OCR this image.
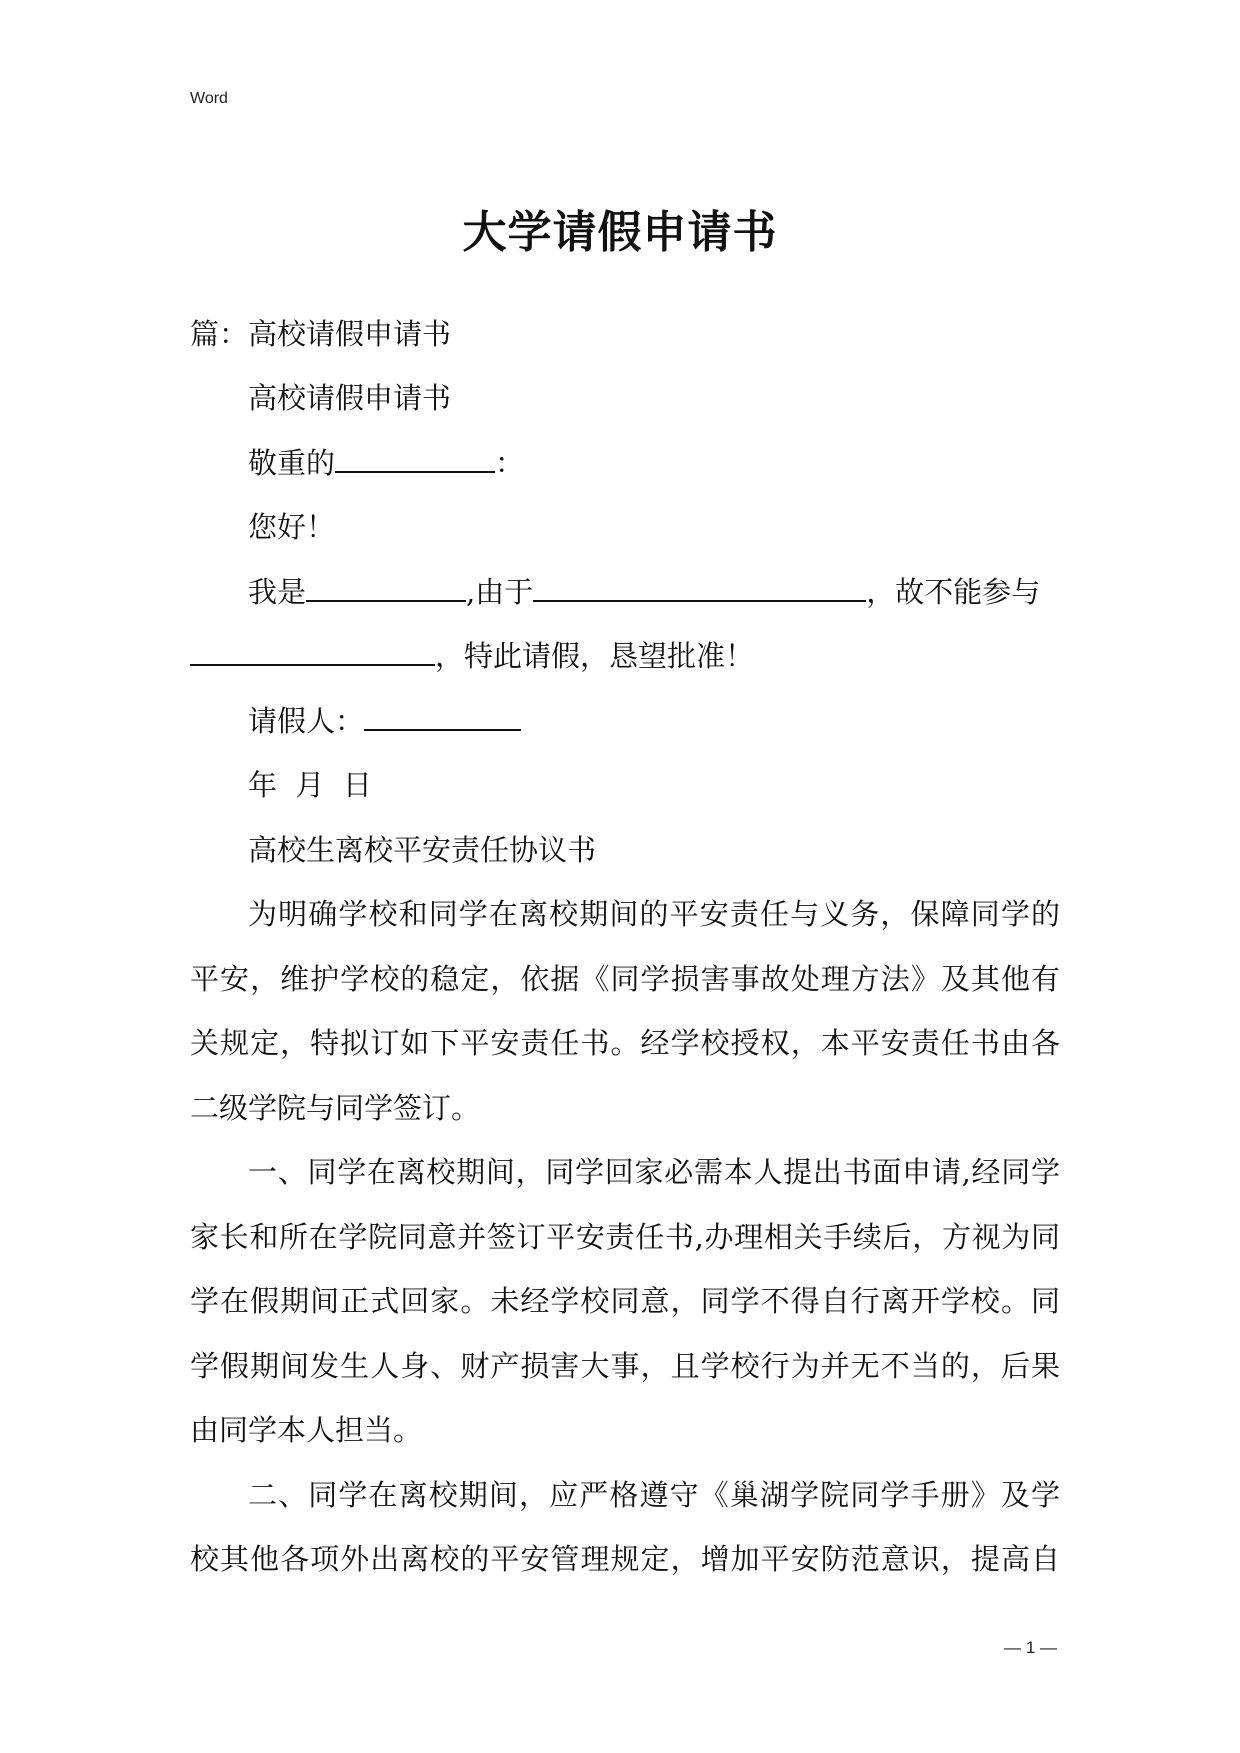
Word
大学请假申请书
篇：高校请假申请书
高校请假申请书
敬重的	：
您好！
我是	,由于	，故不能参与
，特此请假，恳望批准！
请假人：
年  月  日
高校生离校平安责任协议书
为明确学校和同学在离校期间的平安责任与义务，保障同学的
平安，维护学校的稳定，依据《同学损害事故处理方法》及其他有
关规定，特拟订如下平安责任书。经学校授权，本平安责任书由各
二级学院与同学签订。
一、同学在离校期间，同学回家必需本人提出书面申请,经同学
家长和所在学院同意并签订平安责任书,办理相关手续后，方视为同
学在假期间正式回家。未经学校同意，同学不得自行离开学校。同
学假期间发生人身、财产损害大事，且学校行为并无不当的，后果
由同学本人担当。
二、同学在离校期间，应严格遵守《巢湖学院同学手册》及学
校其他各项外出离校的平安管理规定，增加平安防范意识，提高自
— 1 —
